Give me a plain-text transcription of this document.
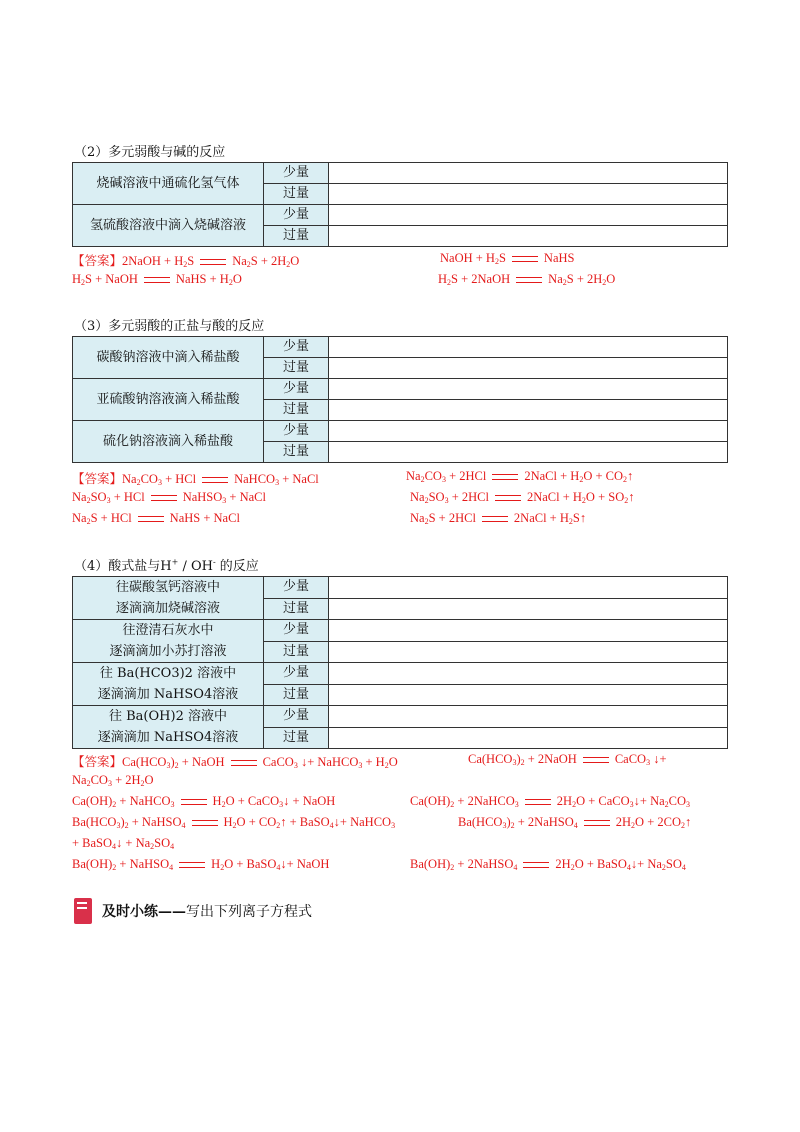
（2）多元弱酸与碱的反应
烧碱溶液中通硫化氢气体	少量	
	过量	
氢硫酸溶液中滴入烧碱溶液	少量	
	过量	
【答案】2NaOH + $H_2S$	$Na_2S + 2H_2O$	NaOH + $H_2S$	NaHS
$H_2S$ + NaOH	NaHS + $H_2O$	$H_2S$ + 2NaOH	$Na_2S + 2H_2O$
（3）多元弱酸的正盐与酸的反应
碳酸钠溶液中滴入稀盐酸	少量	
	过量	
亚硫酸钠溶液滴入稀盐酸	少量	
	过量	
硫化钠溶液滴入稀盐酸	少量	
	过量	
【答案】$Na_2CO_3$ + HCl	NaHCO$_3$ + NaCl	$Na_2CO_3 + 2HCl$	2NaCl + $H_2O$ + $CO_2↑$
$Na_2SO_3$ + HCl	NaHSO$_3$ + NaCl	$Na_2SO_3 + 2HCl$	2NaCl + $H_2O$ + $SO_2↑$
$Na_2S$ + HCl	NaHS + NaCl	$Na_2S + 2HCl$	2NaCl + $H_2S↑$
（4）酸式盐与H+ / OH- 的反应
往碳酸氢钙溶液中
逐滴滴加烧碱溶液	少量	
	过量	

往澄清石灰水中
逐滴滴加小苏打溶液	少量	
	过量	

往 Ba(HCO3)2 溶液中
逐滴滴加 NaHSO4溶液	少量	
	过量	

往 Ba(OH)2 溶液中
逐滴滴加 NaHSO4溶液	少量	
	过量	
【答案】$Ca(HCO_3)_2$ + NaOH	CaCO$_3$ ↓+ NaHCO$_3$ + $H_2O$	$Ca(HCO_3)_2$ + 2NaOH	CaCO$_3$ ↓+
$Na_2CO_3 + 2H_2O$
$Ca(OH)_2$ + NaHCO$_3$	$H_2O$ + CaCO$_3$↓ + NaOH	$Ca(OH)_2$ + 2NaHCO$_3$	$2H_2O$ + CaCO$_3$↓+ $Na_2CO_3$
$Ba(HCO_3)_2$ + NaHSO$_4$	$H_2O$ + $CO_2↑$ + BaSO$_4$↓+ NaHCO$_3$	$Ba(HCO_3)_2$ + 2NaHSO$_4$	$2H_2O$ + $2CO_2↑$
+ BaSO$_4$↓ + $Na_2SO_4$
$Ba(OH)_2$ + NaHSO$_4$	$H_2O$ + BaSO$_4$↓+ NaOH	$Ba(OH)_2$ + 2NaHSO$_4$	$2H_2O$ + BaSO$_4$↓+ $Na_2SO_4$
及时小练—— 写出下列离子方程式
